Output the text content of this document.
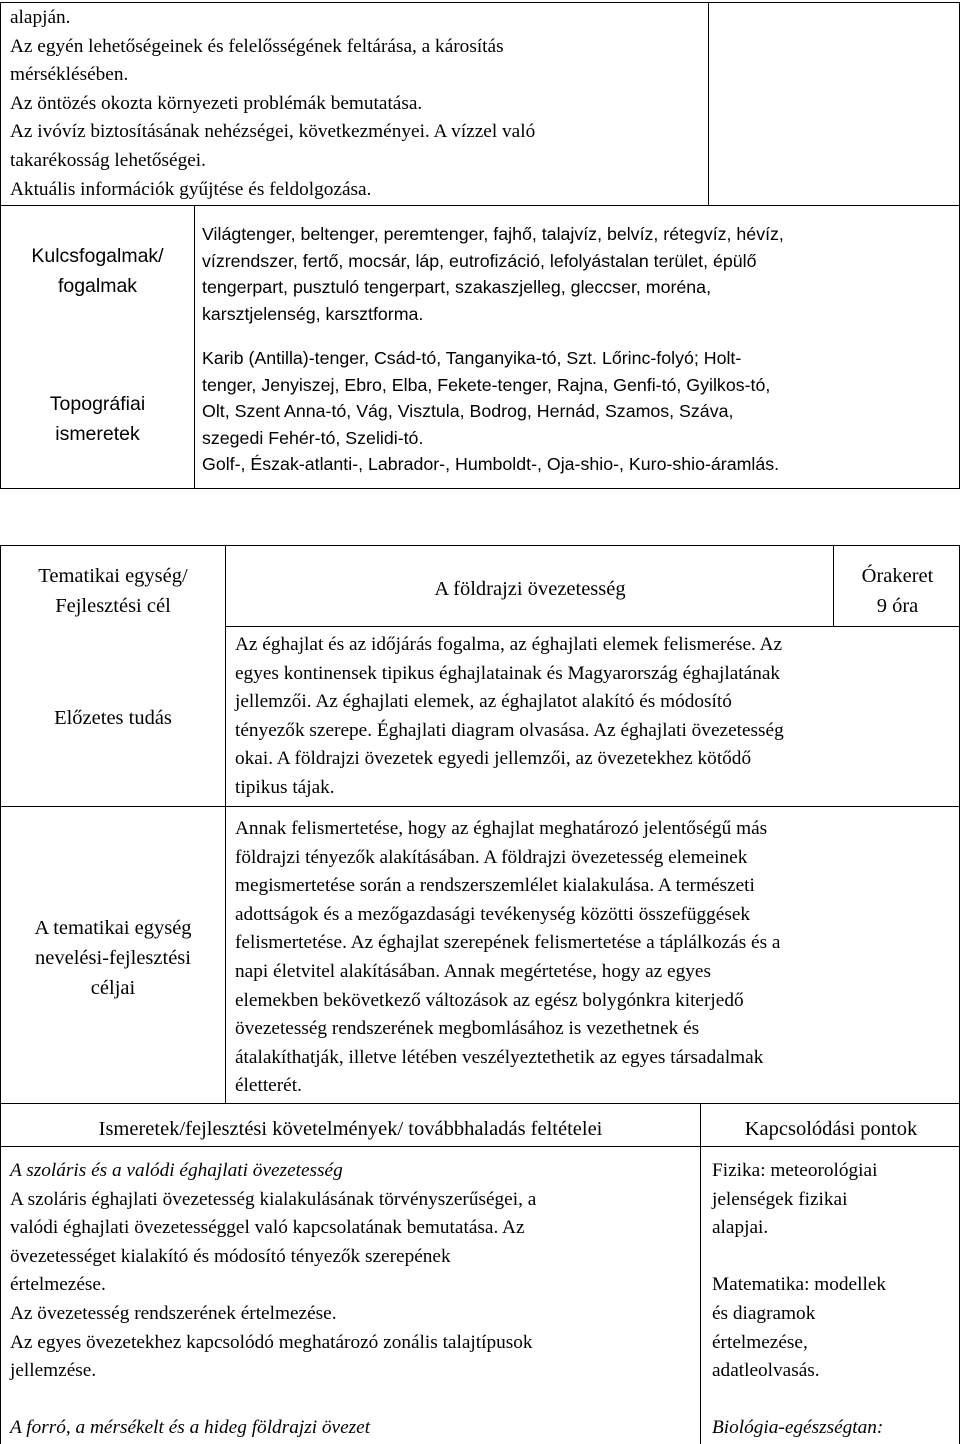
alapján.
Az egyén lehetőségeinek és felelősségének feltárása, a károsítás
mérséklésében.
Az öntözés okozta környezeti problémák bemutatása.
Az ivóvíz biztosításának nehézségei, következményei. A vízzel való
takarékosság lehetőségei.
Aktuális információk gyűjtése és feldolgozása.
Kulcsfogalmak/
fogalmak
Világtenger, beltenger, peremtenger, fajhő, talajvíz, belvíz, rétegvíz, hévíz,
vízrendszer, fertő, mocsár, láp, eutrofizáció, lefolyástalan terület, épülő
tengerpart, pusztuló tengerpart, szakaszjelleg, gleccser, moréna,
karsztjelenség, karsztforma.
Topográfiai
ismeretek
Karib (Antilla)-tenger, Csád-tó, Tanganyika-tó, Szt. Lőrinc-folyó; Holt-
tenger, Jenyiszej, Ebro, Elba, Fekete-tenger, Rajna, Genfi-tó, Gyilkos-tó,
Olt, Szent Anna-tó, Vág, Visztula, Bodrog, Hernád, Szamos, Száva,
szegedi Fehér-tó, Szelidi-tó.
Golf-, Észak-atlanti-, Labrador-, Humboldt-, Oja-shio-, Kuro-shio-áramlás.
Tematikai egység/
Fejlesztési cél
A földrajzi övezetesség
Órakeret
9 óra
Előzetes tudás
Az éghajlat és az időjárás fogalma, az éghajlati elemek felismerése. Az
egyes kontinensek tipikus éghajlatainak és Magyarország éghajlatának
jellemzői. Az éghajlati elemek, az éghajlatot alakító és módosító
tényezők szerepe. Éghajlati diagram olvasása. Az éghajlati övezetesség
okai. A földrajzi övezetek egyedi jellemzői, az övezetekhez kötődő
tipikus tájak.
A tematikai egység
nevelési-fejlesztési
céljai
Annak felismertetése, hogy az éghajlat meghatározó jelentőségű más
földrajzi tényezők alakításában. A földrajzi övezetesség elemeinek
megismertetése során a rendszerszemlélet kialakulása. A természeti
adottságok és a mezőgazdasági tevékenység közötti összefüggések
felismertetése. Az éghajlat szerepének felismertetése a táplálkozás és a
napi életvitel alakításában. Annak megértetése, hogy az egyes
elemekben bekövetkező változások az egész bolygónkra kiterjedő
övezetesség rendszerének megbomlásához is vezethetnek és
átalakíthatják, illetve létében veszélyeztethetik az egyes társadalmak
életterét.
Ismeretek/fejlesztési követelmények/ továbbhaladás feltételei	Kapcsolódási pontok
A szoláris és a valódi éghajlati övezetesség
A szoláris éghajlati övezetesség kialakulásának törvényszerűségei, a
valódi éghajlati övezetességgel való kapcsolatának bemutatása. Az
övezetességet kialakító és módosító tényezők szerepének
értelmezése.
Az övezetesség rendszerének értelmezése.
Az egyes övezetekhez kapcsolódó meghatározó zonális talajtípusok
jellemzése.

A forró, a mérsékelt és a hideg földrajzi övezet
Fizika: meteorológiai
jelenségek fizikai
alapjai.

Matematika: modellek
és diagramok
értelmezése,
adatleolvasás.

Biológia-egészségtan:
